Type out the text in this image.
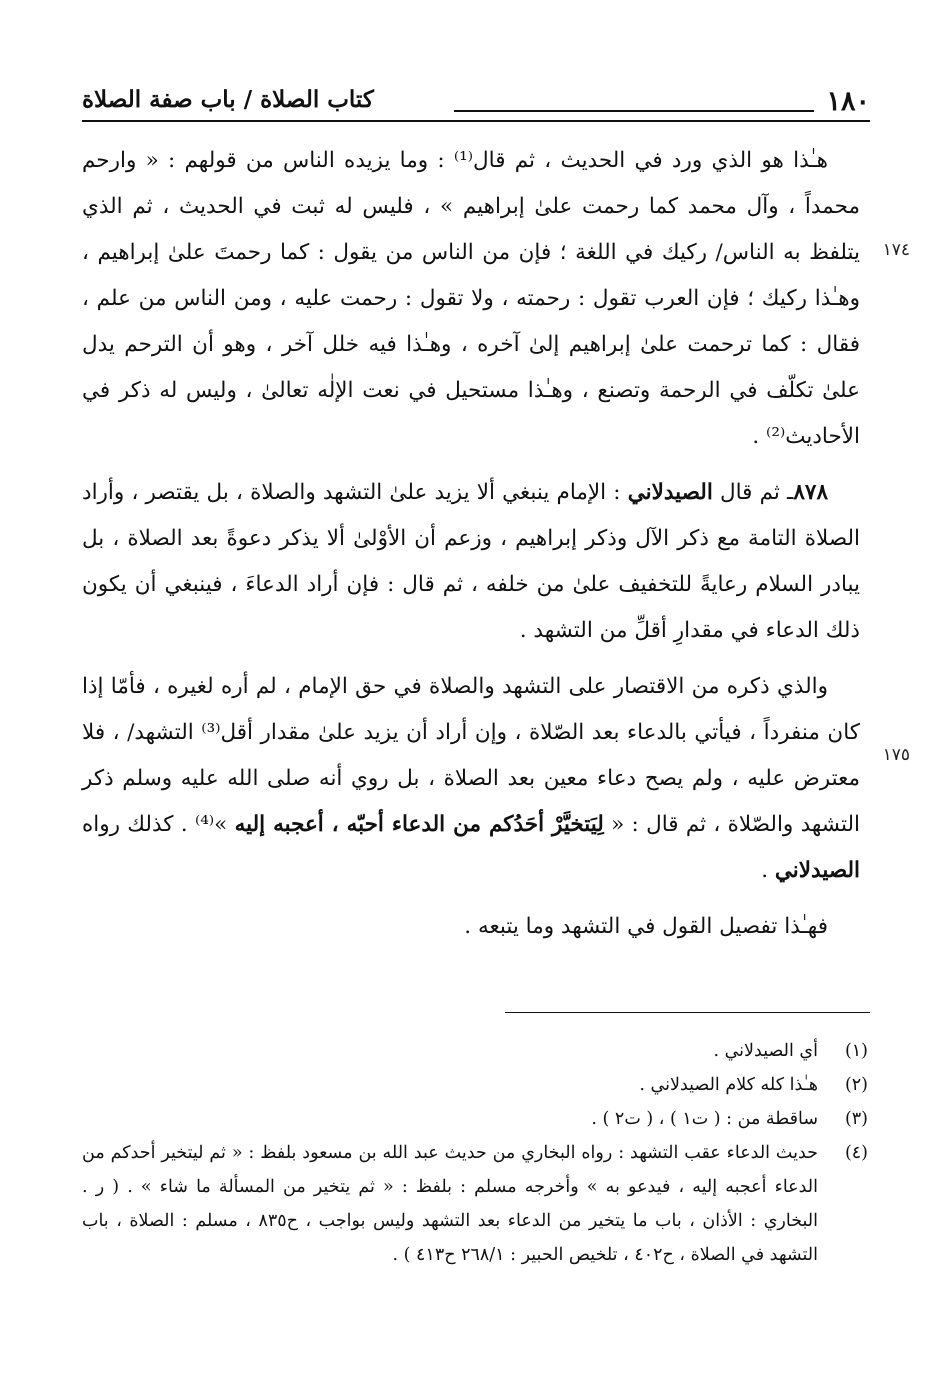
١٨٠
كتاب الصلاة / باب صفة الصلاة
١٧٤
١٧٥

هـٰذا هو الذي ورد في الحديث ، ثم قال⁽¹⁾ : وما يزيده الناس من قولهم : « وارحم محمداً ، وآل محمد كما رحمت علىٰ إبراهيم » ، فليس له ثبت في الحديث ، ثم الذي يتلفظ به الناس/ ركيك في اللغة ؛ فإن من الناس من يقول : كما رحمتَ علىٰ إبراهيم ، وهـٰذا ركيك ؛ فإن العرب تقول : رحمته ، ولا تقول : رحمت عليه ، ومن الناس من علم ، فقال : كما ترحمت علىٰ إبراهيم إلىٰ آخره ، وهـٰذا فيه خلل آخر ، وهو أن الترحم يدل علىٰ تكلّف في الرحمة وتصنع ، وهـٰذا مستحيل في نعت الإلٰه تعالىٰ ، وليس له ذكر في الأحاديث⁽²⁾ .

٨٧٨ـ ثم قال الصيدلاني : الإمام ينبغي ألا يزيد علىٰ التشهد والصلاة ، بل يقتصر ، وأراد الصلاة التامة مع ذكر الآل وذكر إبراهيم ، وزعم أن الأوْلىٰ ألا يذكر دعوةً بعد الصلاة ، بل يبادر السلام رعايةً للتخفيف علىٰ من خلفه ، ثم قال : فإن أراد الدعاءَ ، فينبغي أن يكون ذلك الدعاء في مقدارِ أقلِّ من التشهد .

والذي ذكره من الاقتصار على التشهد والصلاة في حق الإمام ، لم أره لغيره ، فأمّا إذا كان منفرداً ، فيأتي بالدعاء بعد الصّلاة ، وإن أراد أن يزيد علىٰ مقدار أقل⁽³⁾ التشهد/ ، فلا معترض عليه ، ولم يصح دعاء معين بعد الصلاة ، بل روي أنه صلى الله عليه وسلم ذكر التشهد والصّلاة ، ثم قال : « لِيَتخيَّرْ أحَدُكم من الدعاء أحبّه ، أعجبه إليه »⁽⁴⁾ . كذلك رواه الصيدلاني .

فهـٰذا تفصيل القول في التشهد وما يتبعه .

(١)
أي الصيدلاني .
(٢)
هـٰذا كله كلام الصيدلاني .
(٣)
ساقطة من : ( ت١ ) ، ( ت٢ ) .
(٤)
حديث الدعاء عقب التشهد : رواه البخاري من حديث عبد الله بن مسعود بلفظ : « ثم ليتخير أحدكم من الدعاء أعجبه إليه ، فيدعو به » وأخرجه مسلم : بلفظ : « ثم يتخير من المسألة ما شاء » . ( ر . البخاري : الأذان ، باب ما يتخير من الدعاء بعد التشهد وليس بواجب ، ح٨٣٥ ، مسلم : الصلاة ، باب التشهد في الصلاة ، ح٤٠٢ ، تلخيص الحبير : ٢٦٨/١ ح٤١٣ ) .
